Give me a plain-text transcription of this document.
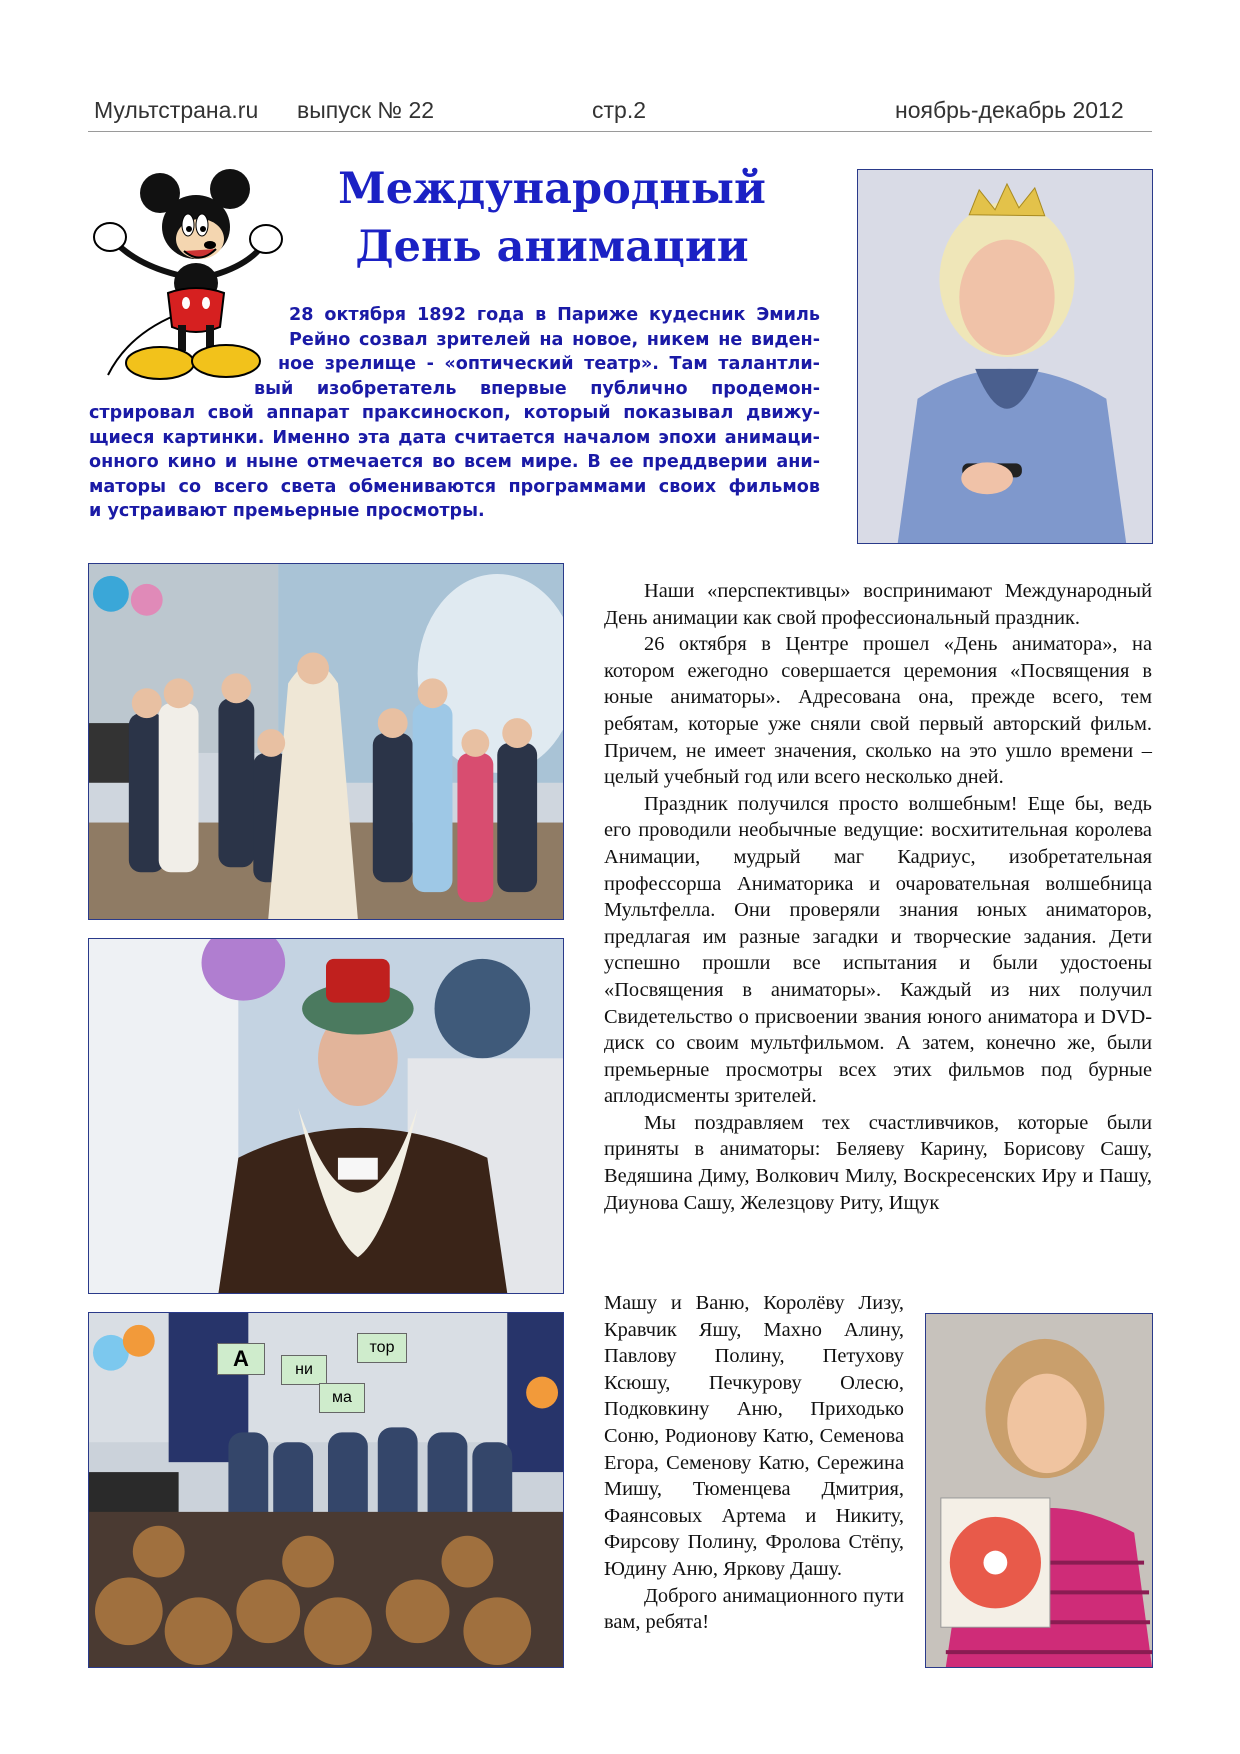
Мультстрана.ru выпуск № 22	стр.2	ноябрь-декабрь 2012
Международный
День анимации
28 октября 1892 года в Париже кудесник Эмиль
Рейно созвал зрителей на новое, никем не виден-
ное зрелище - «оптический театр». Там талантли-
вый изобретатель впервые публично продемон-
стрировал свой аппарат праксиноскоп, который показывал движу-
щиеся картинки. Именно эта дата считается началом эпохи анимаци-
онного кино и ныне отмечается во всем мире. В ее преддверии ани-
маторы со всего света обмениваются программами своих фильмов
и устраивают премьерные просмотры.
А	ни
ма
тор

Наши «перспективцы» воспринимают Международный День анимации как свой профессиональный праздник.

26 октября в Центре прошел «День аниматора», на котором ежегодно совершается церемония «Посвящения в юные аниматоры». Адресована она, прежде всего, тем ребятам, которые уже сняли свой первый авторский фильм. Причем, не имеет значения, сколько на это ушло времени – целый учебный год или всего несколько дней.

Праздник получился просто волшебным! Еще бы, ведь его проводили необычные ведущие: восхитительная королева Анимации, мудрый маг Кадриус, изобретательная профессорша Аниматорика и очаровательная волшебница Мультфелла. Они проверяли знания юных аниматоров, предлагая им разные загадки и творческие задания. Дети успешно прошли все испытания и были удостоены «Посвящения в аниматоры». Каждый из них получил Свидетельство о присвоении звания юного аниматора и DVD-диск со своим мультфильмом. А затем, конечно же, были премьерные просмотры всех этих фильмов под бурные аплодисменты зрителей.

Мы поздравляем тех счастливчиков, которые были приняты в аниматоры: Беляеву Карину, Борисову Сашу, Ведяшина Диму, Волкович Милу, Воскресенских Иру и Пашу, Диунова Сашу, Железцову Риту, Ищук

Машу и Ваню, Королёву Лизу, Кравчик Яшу, Махно Алину, Павлову Полину, Петухову Ксюшу, Печкурову Олесю, Подковкину Аню, Приходько Соню, Родионову Катю, Семенова Егора, Семенову Катю, Сережина Мишу, Тюменцева Дмитрия, Фаянсовых Артема и Никиту, Фирсову Полину, Фролова Стёпу, Юдину Аню, Яркову Дашу.

Доброго анимационного пути вам, ребята!
